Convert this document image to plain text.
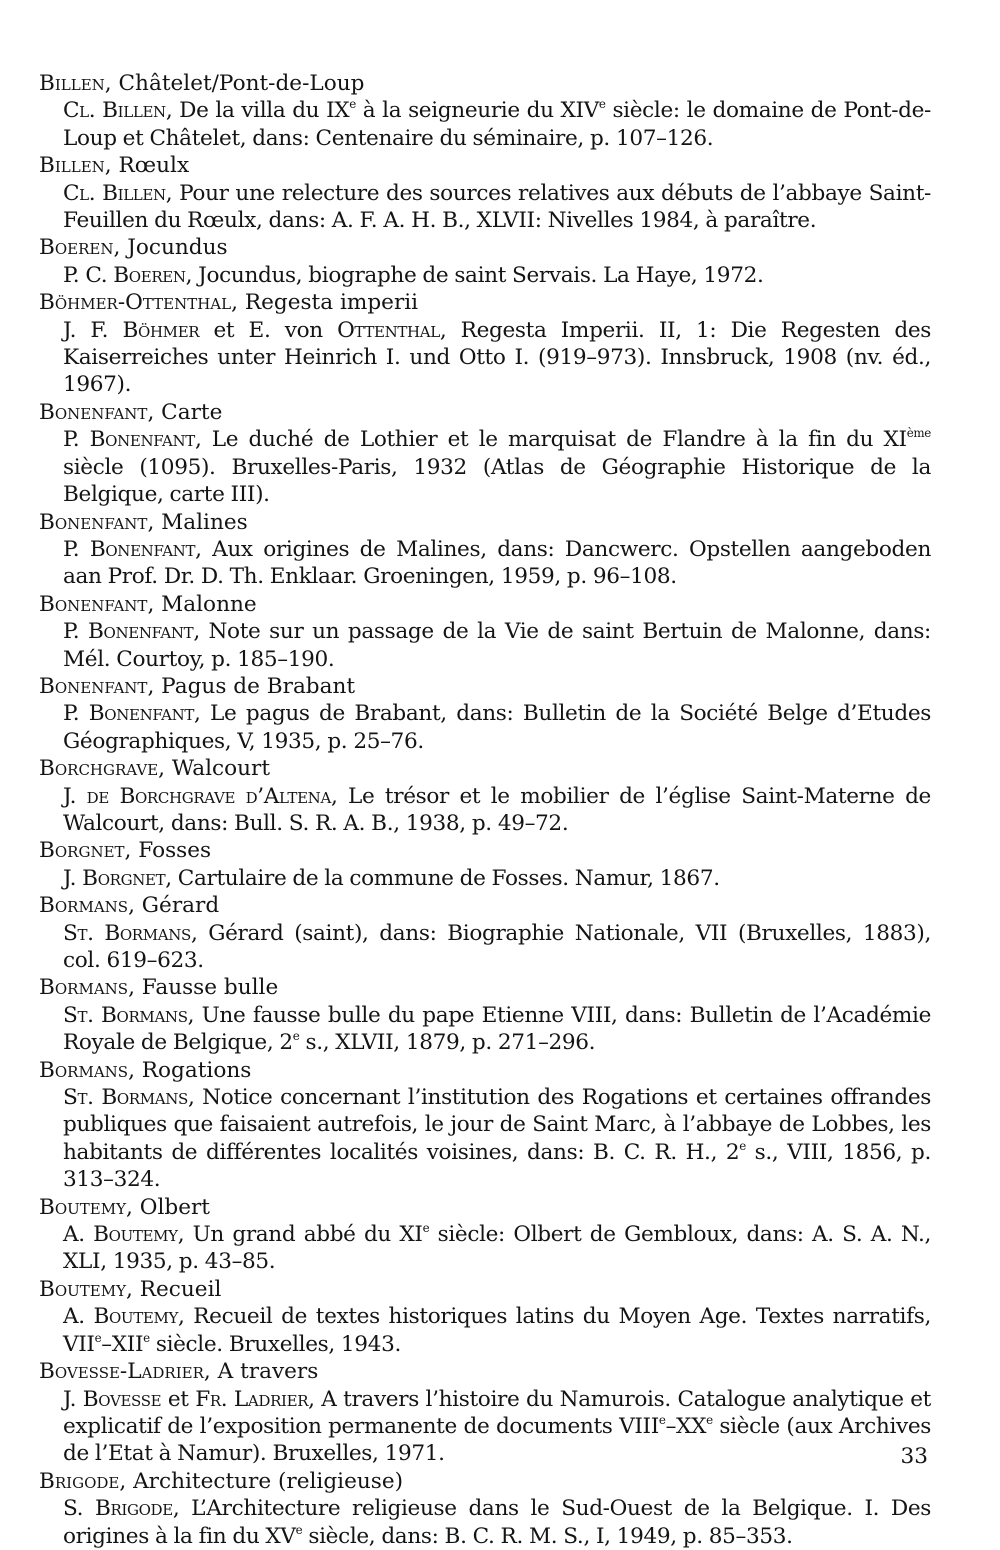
Billen, Châtelet/Pont-de-Loup
Cl. Billen, De la villa du IXe à la seigneurie du XIVe siècle: le domaine de Pont-de-Loup et Châtelet, dans: Centenaire du séminaire, p. 107–126.
Billen, Rœulx
Cl. Billen, Pour une relecture des sources relatives aux débuts de l’abbaye Saint-Feuillen du Rœulx, dans: A. F. A. H. B., XLVII: Nivelles 1984, à paraître.
Boeren, Jocundus
P. C. Boeren, Jocundus, biographe de saint Servais. La Haye, 1972.
Böhmer-Ottenthal, Regesta imperii
J. F. Böhmer et E. von Ottenthal, Regesta Imperii. II, 1: Die Regesten des Kaiserreiches unter Heinrich I. und Otto I. (919–973). Innsbruck, 1908 (nv. éd., 1967).
Bonenfant, Carte
P. Bonenfant, Le duché de Lothier et le marquisat de Flandre à la fin du XIème siècle (1095). Bruxelles-Paris, 1932 (Atlas de Géographie Historique de la Belgique, carte III).
Bonenfant, Malines
P. Bonenfant, Aux origines de Malines, dans: Dancwerc. Opstellen aangeboden aan Prof. Dr. D. Th. Enklaar. Groeningen, 1959, p. 96–108.
Bonenfant, Malonne
P. Bonenfant, Note sur un passage de la Vie de saint Bertuin de Malonne, dans: Mél. Courtoy, p. 185–190.
Bonenfant, Pagus de Brabant
P. Bonenfant, Le pagus de Brabant, dans: Bulletin de la Société Belge d’Etudes Géographiques, V, 1935, p. 25–76.
Borchgrave, Walcourt
J. de Borchgrave d’Altena, Le trésor et le mobilier de l’église Saint-Materne de Walcourt, dans: Bull. S. R. A. B., 1938, p. 49–72.
Borgnet, Fosses
J. Borgnet, Cartulaire de la commune de Fosses. Namur, 1867.
Bormans, Gérard
St. Bormans, Gérard (saint), dans: Biographie Nationale, VII (Bruxelles, 1883), col. 619–623.
Bormans, Fausse bulle
St. Bormans, Une fausse bulle du pape Etienne VIII, dans: Bulletin de l’Académie Royale de Belgique, 2e s., XLVII, 1879, p. 271–296.
Bormans, Rogations
St. Bormans, Notice concernant l’institution des Rogations et certaines offrandes publiques que faisaient autrefois, le jour de Saint Marc, à l’abbaye de Lobbes, les habitants de différentes localités voisines, dans: B. C. R. H., 2e s., VIII, 1856, p. 313–324.
Boutemy, Olbert
A. Boutemy, Un grand abbé du XIe siècle: Olbert de Gembloux, dans: A. S. A. N., XLI, 1935, p. 43–85.
Boutemy, Recueil
A. Boutemy, Recueil de textes historiques latins du Moyen Age. Textes narratifs, VIIe–XIIe siècle. Bruxelles, 1943.
Bovesse-Ladrier, A travers
J. Bovesse et Fr. Ladrier, A travers l’histoire du Namurois. Catalogue analytique et explicatif de l’exposition permanente de documents VIIIe–XXe siècle (aux Archives de l’Etat à Namur). Bruxelles, 1971.
Brigode, Architecture (religieuse)
S. Brigode, L’Architecture religieuse dans le Sud-Ouest de la Belgique. I. Des origines à la fin du XVe siècle, dans: B. C. R. M. S., I, 1949, p. 85–353.
33
